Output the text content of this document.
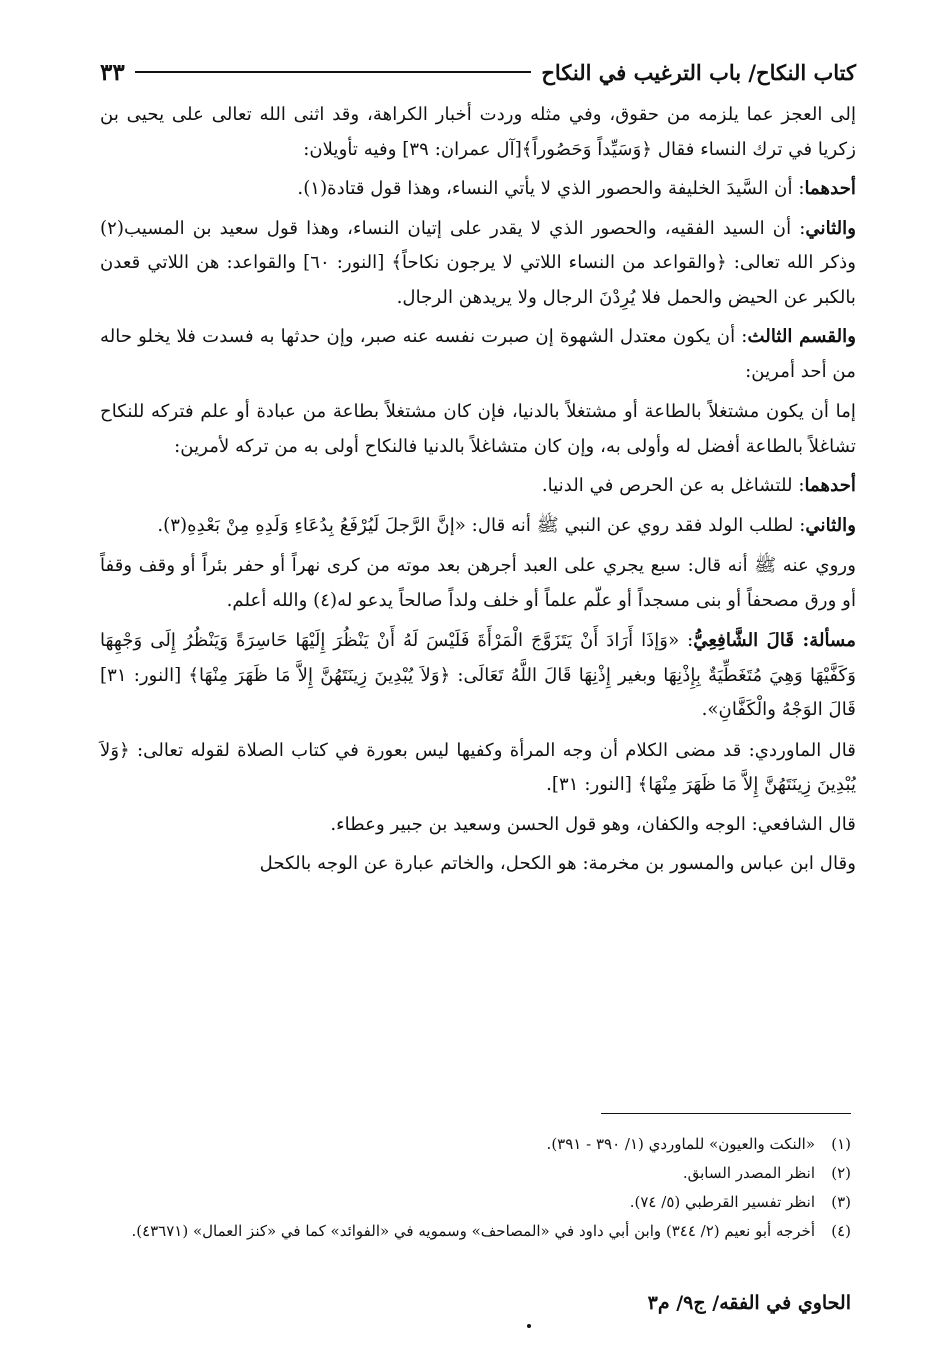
كتاب النكاح/ باب الترغيب في النكاح
٣٣

إلى العجز عما يلزمه من حقوق، وفي مثله وردت أخبار الكراهة، وقد اثنى الله تعالى على يحيى بن زكريا في ترك النساء فقال ﴿وَسَيِّداً وَحَصُوراً﴾[آل عمران: ٣٩] وفيه تأويلان:

أحدهما: أن السَّيدَ الخليفة والحصور الذي لا يأتي النساء، وهذا قول قتادة(١).

والثاني: أن السيد الفقيه، والحصور الذي لا يقدر على إتيان النساء، وهذا قول سعيد بن المسيب(٢) وذكر الله تعالى: ﴿والقواعد من النساء اللاتي لا يرجون نكاحاً﴾ [النور: ٦٠] والقواعد: هن اللاتي قعدن بالكبر عن الحيض والحمل فلا يُرِدْنَ الرجال ولا يريدهن الرجال.

والقسم الثالث: أن يكون معتدل الشهوة إن صبرت نفسه عنه صبر، وإن حدثها به فسدت فلا يخلو حاله من أحد أمرين:

إما أن يكون مشتغلاً بالطاعة أو مشتغلاً بالدنيا، فإن كان مشتغلاً بطاعة من عبادة أو علم فتركه للنكاح تشاغلاً بالطاعة أفضل له وأولى به، وإن كان متشاغلاً بالدنيا فالنكاح أولى به من تركه لأمرين:

أحدهما: للتشاغل به عن الحرص في الدنيا.

والثاني: لطلب الولد فقد روي عن النبي ﷺ أنه قال: «إنَّ الرَّجلَ لَيُرْفَعُ بِدُعَاءِ وَلَدِهِ مِنْ بَعْدِهِ(٣).

وروي عنه ﷺ أنه قال: سبع يجري على العبد أجرهن بعد موته من كرى نهراً أو حفر بئراً أو وقف وقفاً أو ورق مصحفاً أو بنى مسجداً أو علّم علماً أو خلف ولداً صالحاً يدعو له(٤) والله أعلم.

مسألة: قَالَ الشَّافِعِيُّ: «وَإذَا أَرَادَ أَنْ يَتَزَوَّجَ الْمَرْأَةَ فَلَيْسَ لَهُ أَنْ يَنْظُرَ إِلَيْهَا حَاسِرَةً وَيَنْظُرُ إِلَى وَجْهِهَا وَكَفَّيْهَا وَهِيَ مُتَغَطِّيَةٌ بِإِذْنِهَا وبغير إِذْنِهَا قَالَ اللَّهُ تَعَالَى: ﴿وَلاَ يُبْدِينَ زِينَتَهُنَّ إِلاَّ مَا ظَهَرَ مِنْهَا﴾ [النور: ٣١] قَالَ الوَجْهُ والْكَفَّانِ».

قال الماوردي: قد مضى الكلام أن وجه المرأة وكفيها ليس بعورة في كتاب الصلاة لقوله تعالى: ﴿وَلاَ يُبْدِينَ زِينَتَهُنَّ إِلاَّ مَا ظَهَرَ مِنْهَا﴾ [النور: ٣١].

قال الشافعي: الوجه والكفان، وهو قول الحسن وسعيد بن جبير وعطاء.

وقال ابن عباس والمسور بن مخرمة: هو الكحل، والخاتم عبارة عن الوجه بالكحل

(١)
«النكت والعيون» للماوردي (١/ ٣٩٠ - ٣٩١).
(٢)
انظر المصدر السابق.
(٣)
انظر تفسير القرطبي (٥/ ٧٤).
(٤)
أخرجه أبو نعيم (٢/ ٣٤٤) وابن أبي داود في «المصاحف» وسمويه في «الفوائد» كما في «كنز العمال» (٤٣٦٧١).
الحاوي في الفقه/ ج٩/ م٣
